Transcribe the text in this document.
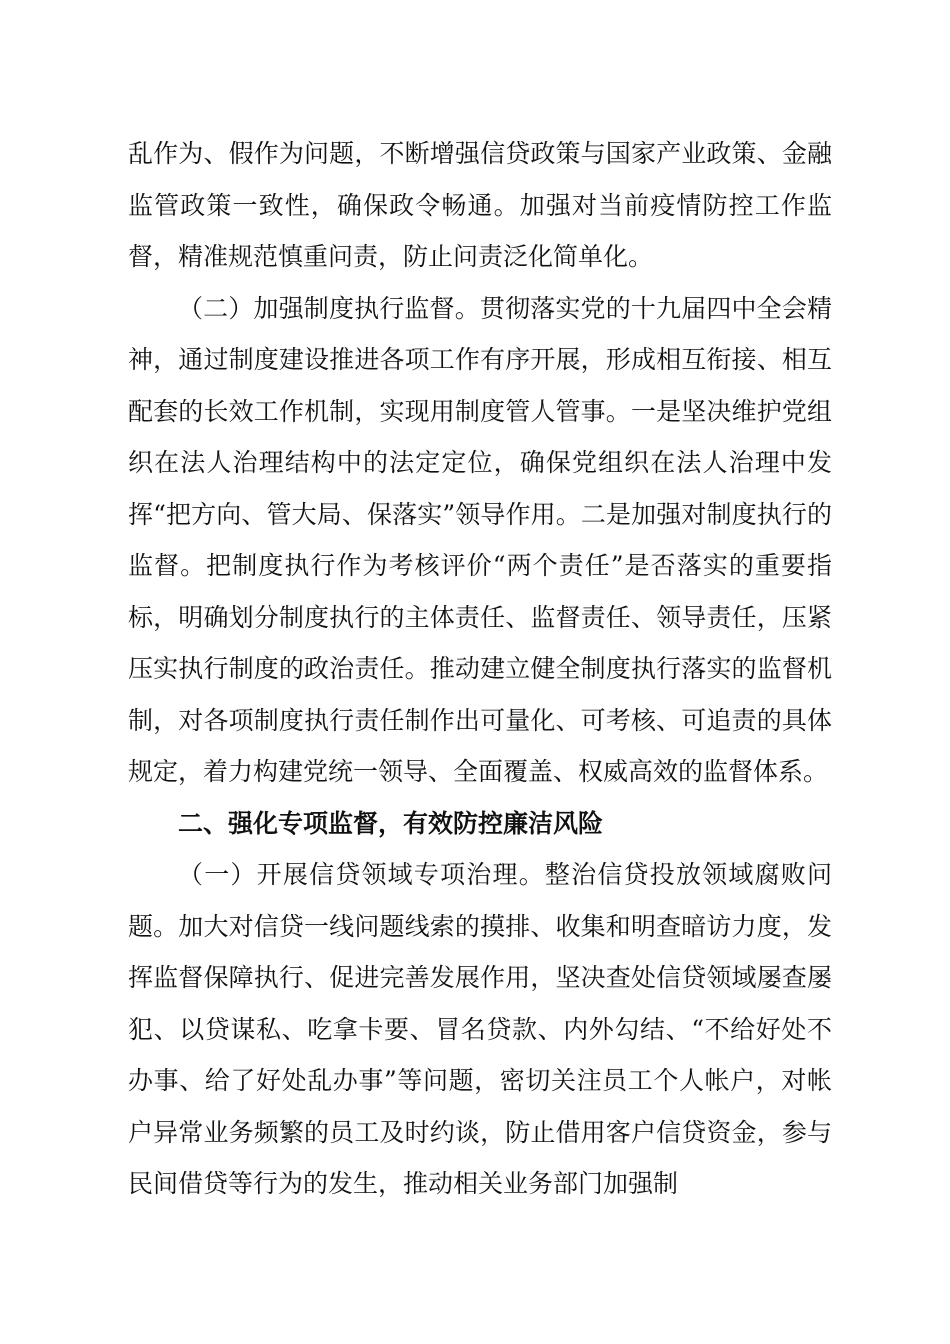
乱作为、假作为问题，不断增强信贷政策与国家产业政策、金融监管政策一致性，确保政令畅通。加强对当前疫情防控工作监督，精准规范慎重问责，防止问责泛化简单化。

（二）加强制度执行监督。贯彻落实党的十九届四中全会精神，通过制度建设推进各项工作有序开展，形成相互衔接、相互配套的长效工作机制，实现用制度管人管事。一是坚决维护党组织在法人治理结构中的法定定位，确保党组织在法人治理中发挥“把方向、管大局、保落实”领导作用。二是加强对制度执行的监督。把制度执行作为考核评价“两个责任”是否落实的重要指标，明确划分制度执行的主体责任、监督责任、领导责任，压紧压实执行制度的政治责任。推动建立健全制度执行落实的监督机制，对各项制度执行责任制作出可量化、可考核、可追责的具体规定，着力构建党统一领导、全面覆盖、权威高效的监督体系。

二、强化专项监督，有效防控廉洁风险

（一）开展信贷领域专项治理。整治信贷投放领域腐败问题。加大对信贷一线问题线索的摸排、收集和明查暗访力度，发挥监督保障执行、促进完善发展作用，坚决查处信贷领域屡查屡犯、以贷谋私、吃拿卡要、冒名贷款、内外勾结、“不给好处不办事、给了好处乱办事”等问题，密切关注员工个人帐户，对帐户异常业务频繁的员工及时约谈，防止借用客户信贷资金，参与民间借贷等行为的发生，推动相关业务部门加强制
